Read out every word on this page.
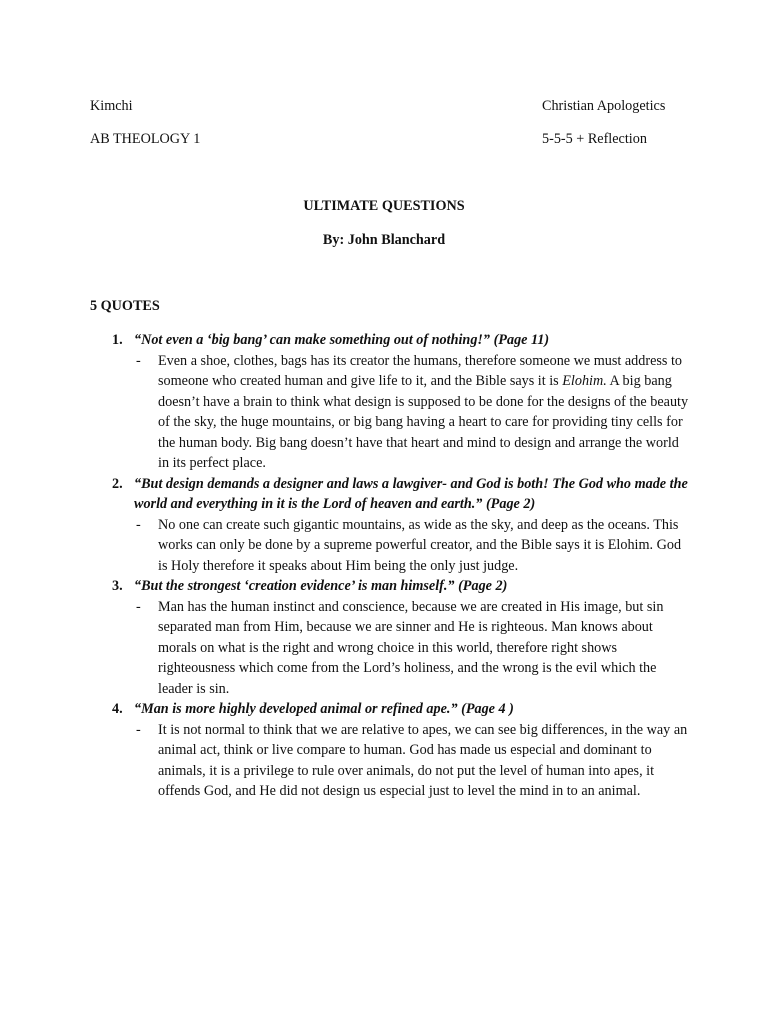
Kimchi	Christian Apologetics
AB THEOLOGY 1	5-5-5 + Reflection
ULTIMATE QUESTIONS
By: John Blanchard
5 QUOTES
1. “Not even a ‘big bang’ can make something out of nothing!” (Page 11)
- Even a shoe, clothes, bags has its creator the humans, therefore someone we must address to someone who created human and give life to it, and the Bible says it is Elohim. A big bang doesn’t have a brain to think what design is supposed to be done for the designs of the beauty of the sky, the huge mountains, or big bang having a heart to care for providing tiny cells for the human body. Big bang doesn’t have that heart and mind to design and arrange the world in its perfect place.
2. “But design demands a designer and laws a lawgiver- and God is both! The God who made the world and everything in it is the Lord of heaven and earth.” (Page 2)
- No one can create such gigantic mountains, as wide as the sky, and deep as the oceans. This works can only be done by a supreme powerful creator, and the Bible says it is Elohim. God is Holy therefore it speaks about Him being the only just judge.
3. “But the strongest ‘creation evidence’ is man himself.” (Page 2)
- Man has the human instinct and conscience, because we are created in His image, but sin separated man from Him, because we are sinner and He is righteous. Man knows about morals on what is the right and wrong choice in this world, therefore right shows righteousness which come from the Lord’s holiness, and the wrong is the evil which the leader is sin.
4. “Man is more highly developed animal or refined ape.” (Page 4 )
- It is not normal to think that we are relative to apes, we can see big differences, in the way an animal act, think or live compare to human. God has made us especial and dominant to animals, it is a privilege to rule over animals, do not put the level of human into apes, it offends God, and He did not design us especial just to level the mind in to an animal.
